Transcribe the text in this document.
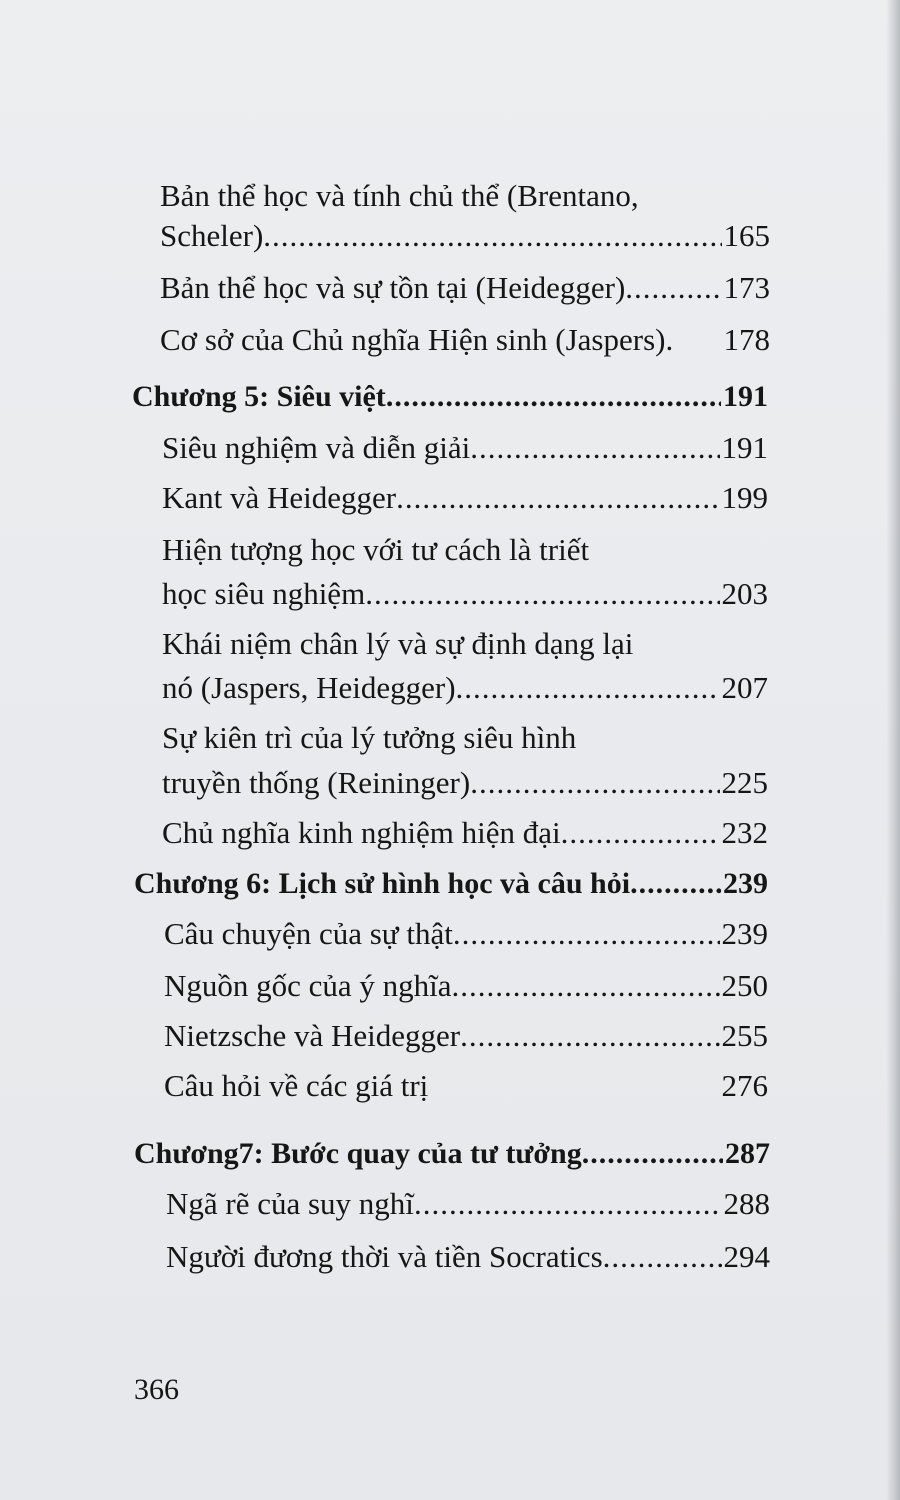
Bản thể học và tính chủ thể (Brentano,
Scheler) .....	165
Bản thể học và sự tồn tại (Heidegger) .....	173
Cơ sở của Chủ nghĩa Hiện sinh (Jaspers). 178
Chương 5: Siêu việt .....	191
Siêu nghiệm và diễn giải .....	191
Kant và Heidegger .....	199
Hiện tượng học với tư cách là triết
học siêu nghiệm .....	203
Khái niệm chân lý và sự định dạng lại
nó (Jaspers, Heidegger) .....	207
Sự kiên trì của lý tưởng siêu hình
truyền thống (Reininger) .....	225
Chủ nghĩa kinh nghiệm hiện đại .....	232
Chương 6: Lịch sử hình học và câu hỏi .....	239
Câu chuyện của sự thật .....	239
Nguồn gốc của ý nghĩa .....	250
Nietzsche và Heidegger .....	255
Câu hỏi về các giá trị	276
Chương7: Bước quay của tư tưởng .....	287
Ngã rẽ của suy nghĩ .....	288
Người đương thời và tiền Socratics .....	294
366
